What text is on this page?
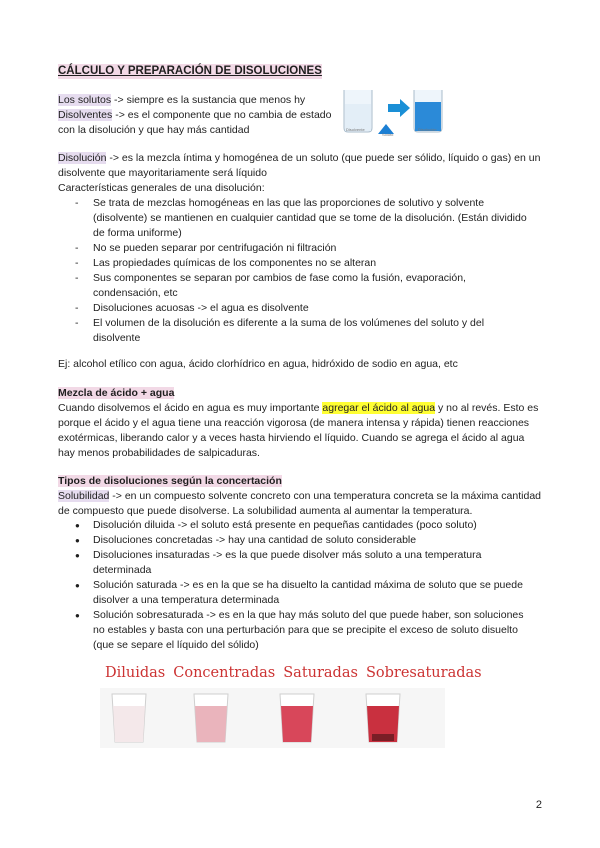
CÁLCULO Y PREPARACIÓN DE DISOLUCIONES
Los solutos -> siempre es la sustancia que menos hy
Disolventes -> es el componente que no cambia de estado con la disolución y que hay más cantidad	Disolvente
Soluto
Disolución
Disolución -> es la mezcla íntima y homogénea de un soluto (que puede ser sólido, líquido o gas) en un disolvente que mayoritariamente será líquido
Características generales de una disolución:
- Se trata de mezclas homogéneas en las que las proporciones de solutivo y solvente (disolvente) se mantienen en cualquier cantidad que se tome de la disolución. (Están dividido de forma uniforme)
- No se pueden separar por centrifugación ni filtración
- Las propiedades químicas de los componentes no se alteran
- Sus componentes se separan por cambios de fase como la fusión, evaporación, condensación, etc
- Disoluciones acuosas -> el agua es disolvente
- El volumen de la disolución es diferente a la suma de los volúmenes del soluto y del disolvente
Ej: alcohol etílico con agua, ácido clorhídrico en agua, hidróxido de sodio en agua, etc
Mezcla de ácido + agua
Cuando disolvemos el ácido en agua es muy importante agregar el ácido al agua y no al revés. Esto es porque el ácido y el agua tiene una reacción vigorosa (de manera intensa y rápida) tienen reacciones exotérmicas, liberando calor y a veces hasta hirviendo el líquido. Cuando se agrega el ácido al agua hay menos probabilidades de salpicaduras.
Tipos de disoluciones según la concertación
Solubilidad -> en un compuesto solvente concreto con una temperatura concreta se la máxima cantidad de compuesto que puede disolverse. La solubilidad aumenta al aumentar la temperatura.
● Disolución diluida -> el soluto está presente en pequeñas cantidades (poco soluto)
● Disoluciones concretadas -> hay una cantidad de soluto considerable
● Disoluciones insaturadas -> es la que puede disolver más soluto a una temperatura determinada
● Solución saturada -> es en la que se ha disuelto la cantidad máxima de soluto que se puede disolver a una temperatura determinada
● Solución sobresaturada -> es en la que hay más soluto del que puede haber, son soluciones no estables y basta con una perturbación para que se precipite el exceso de soluto disuelto (que se separe el líquido del sólido)
Diluidas Concentradas Saturadas Sobresaturadas
2
